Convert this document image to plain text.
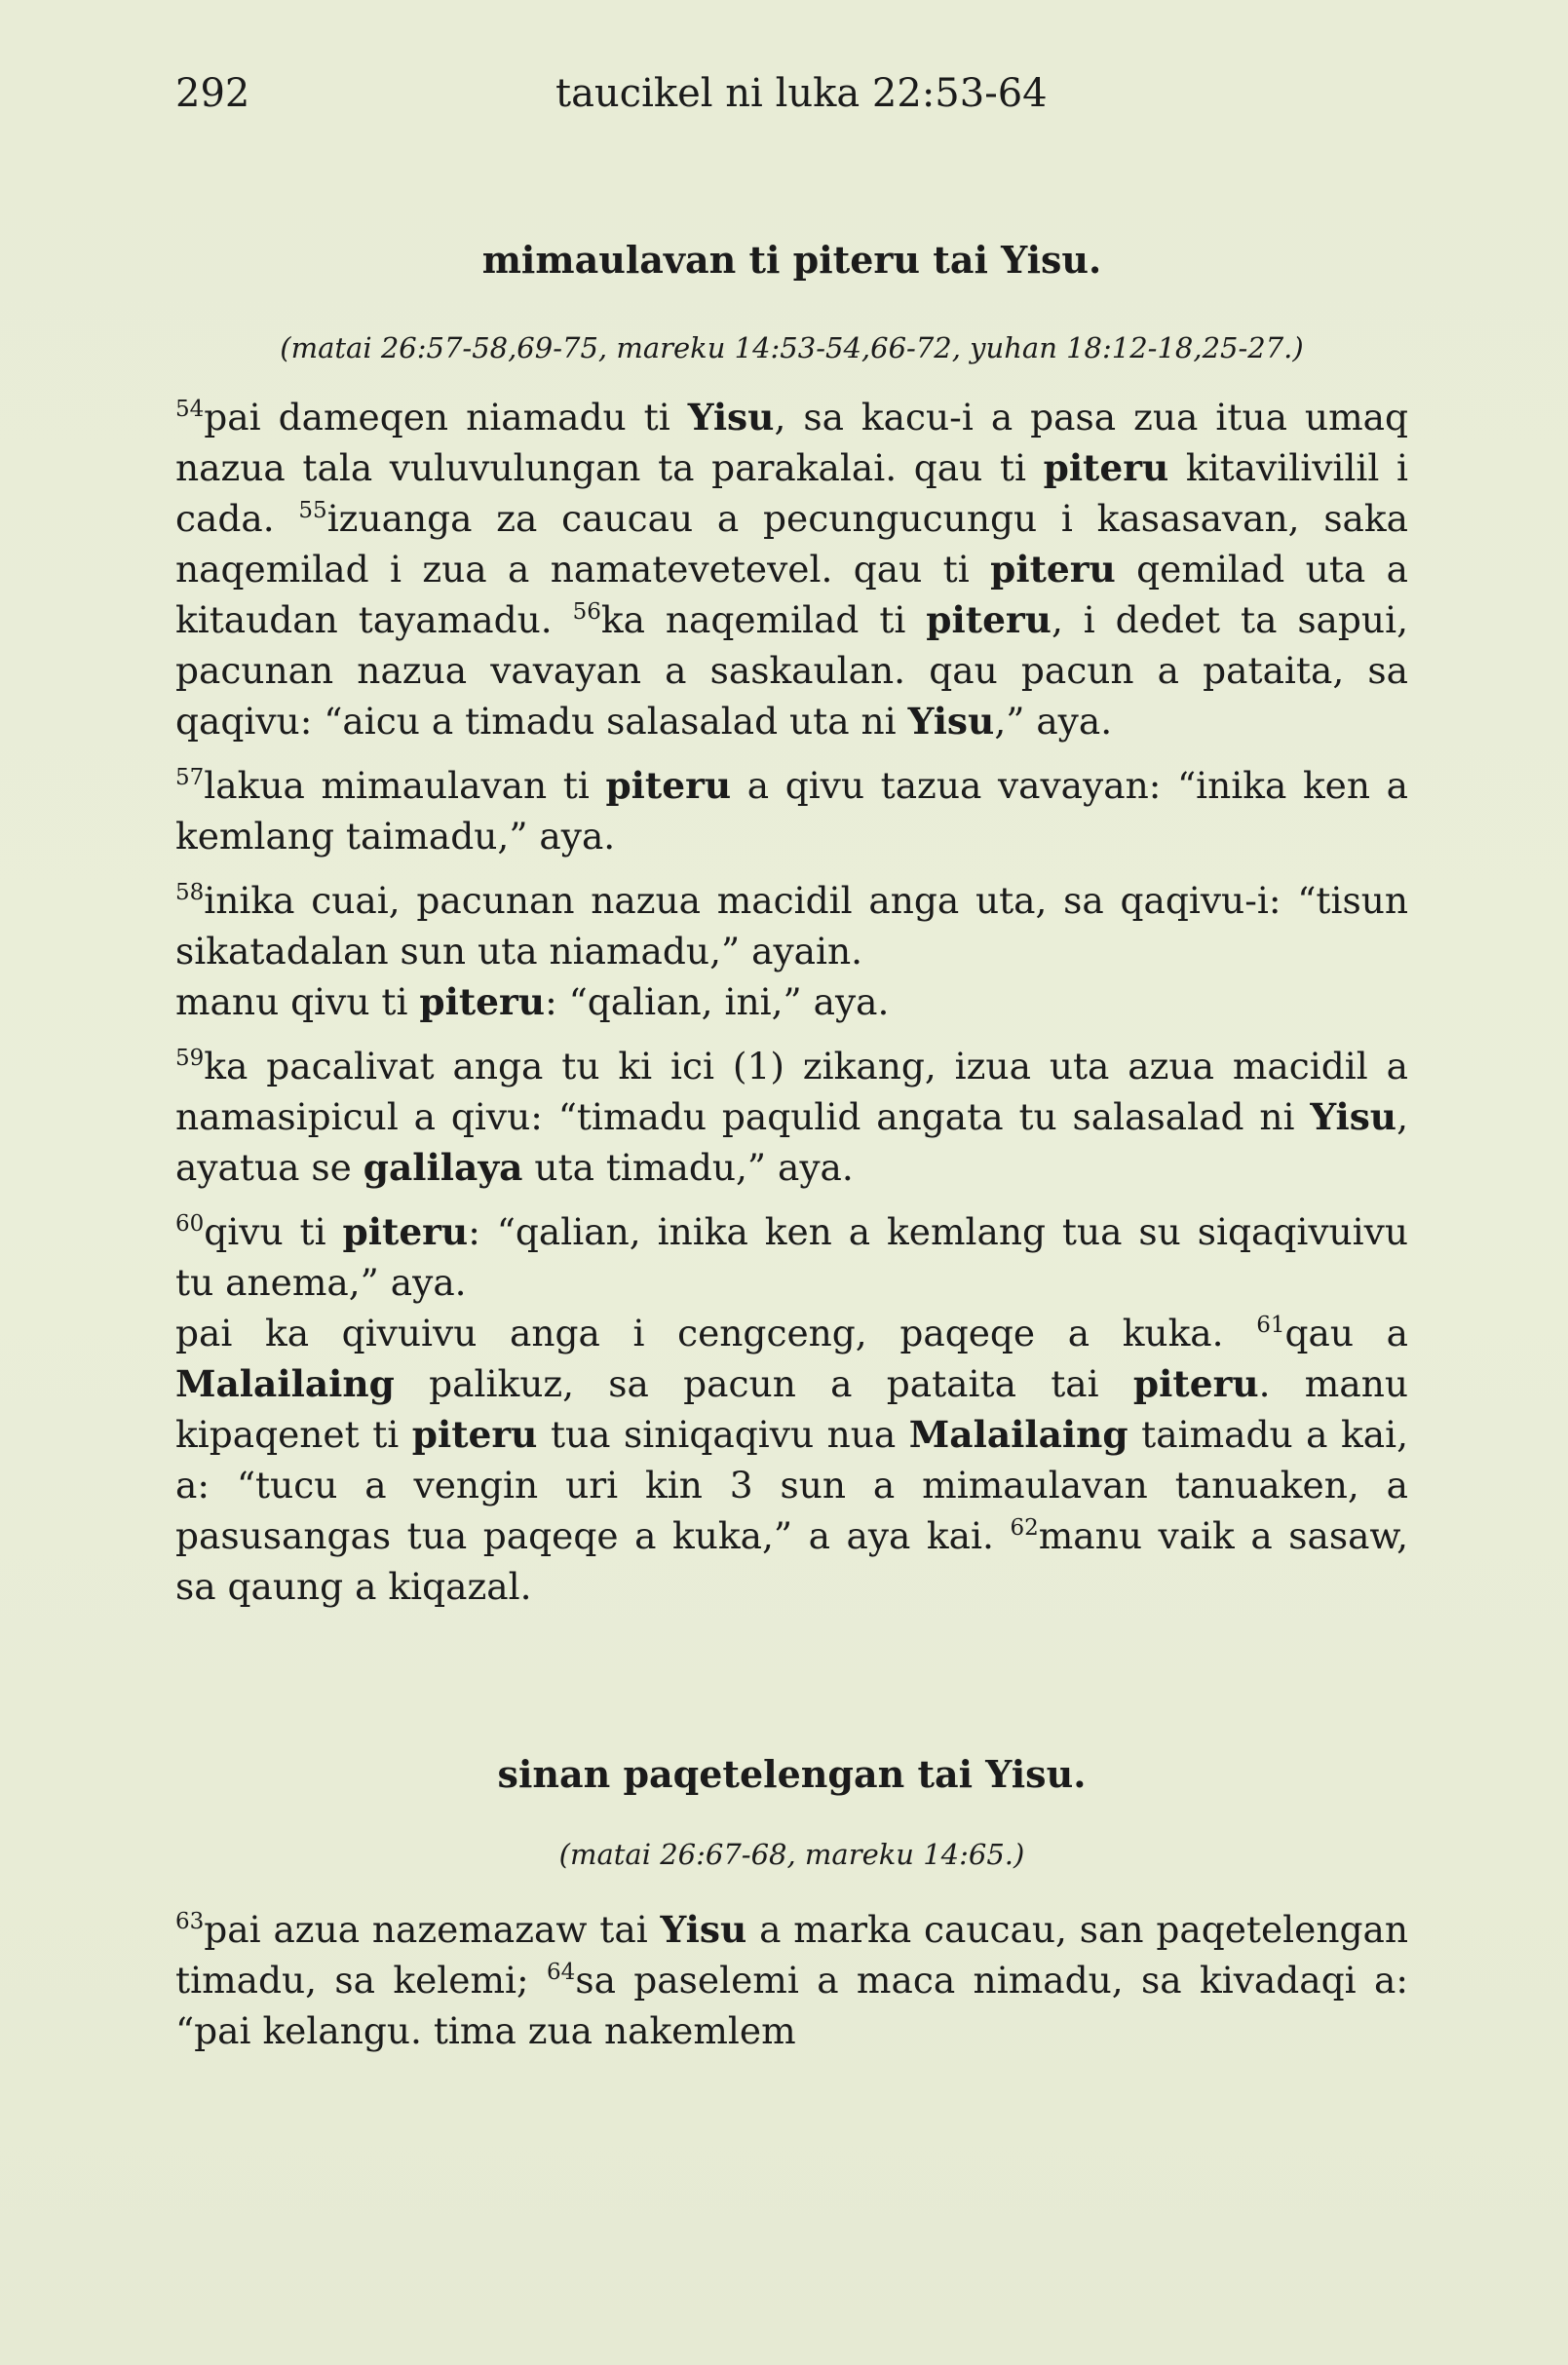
292	taucikel ni luka 22:53-64
mimaulavan ti piteru tai Yisu.
(matai 26:57-58,69-75, mareku 14:53-54,66-72, yuhan 18:12-18,25-27.)

$^{54}$pai dameqen niamadu ti Yisu, sa kacu-i a pasa zua itua umaq nazua tala vuluvulungan ta parakalai. qau ti piteru kitavilivilil i cada. $^{55}$izuanga za caucau a pecungucungu i kasasavan, saka naqemilad i zua a namatevetevel. qau ti piteru qemilad uta a kitaudan tayamadu. $^{56}$ka naqemilad ti piteru, i dedet ta sapui, pacunan nazua vavayan a saskaulan. qau pacun a pataita, sa qaqivu: “aicu a timadu salasalad uta ni Yisu,” aya.

$^{57}$lakua mimaulavan ti piteru a qivu tazua vavayan: “inika ken a kemlang taimadu,” aya.

$^{58}$inika cuai, pacunan nazua macidil anga uta, sa qaqivu-i: “tisun sikatadalan sun uta niamadu,” ayain.

manu qivu ti piteru: “qalian, ini,” aya.

$^{59}$ka pacalivat anga tu ki ici (1) zikang, izua uta azua macidil a namasipicul a qivu: “timadu paqulid angata tu salasalad ni Yisu, ayatua se galilaya uta timadu,” aya.

$^{60}$qivu ti piteru: “qalian, inika ken a kemlang tua su siqaqivuivu tu anema,” aya.

pai ka qivuivu anga i cengceng, paqeqe a kuka. $^{61}$qau a Malailaing palikuz, sa pacun a pataita tai piteru. manu kipaqenet ti piteru tua siniqaqivu nua Malailaing taimadu a kai, a: “tucu a vengin uri kin 3 sun a mimaulavan tanuaken, a pasusangas tua paqeqe a kuka,” a aya kai. $^{62}$manu vaik a sasaw, sa qaung a kiqazal.

sinan paqetelengan tai Yisu.
(matai 26:67-68, mareku 14:65.)

$^{63}$pai azua nazemazaw tai Yisu a marka caucau, san paqetelengan timadu, sa kelemi; $^{64}$sa paselemi a maca nimadu, sa kivadaqi a: “pai kelangu. tima zua nakemlem
